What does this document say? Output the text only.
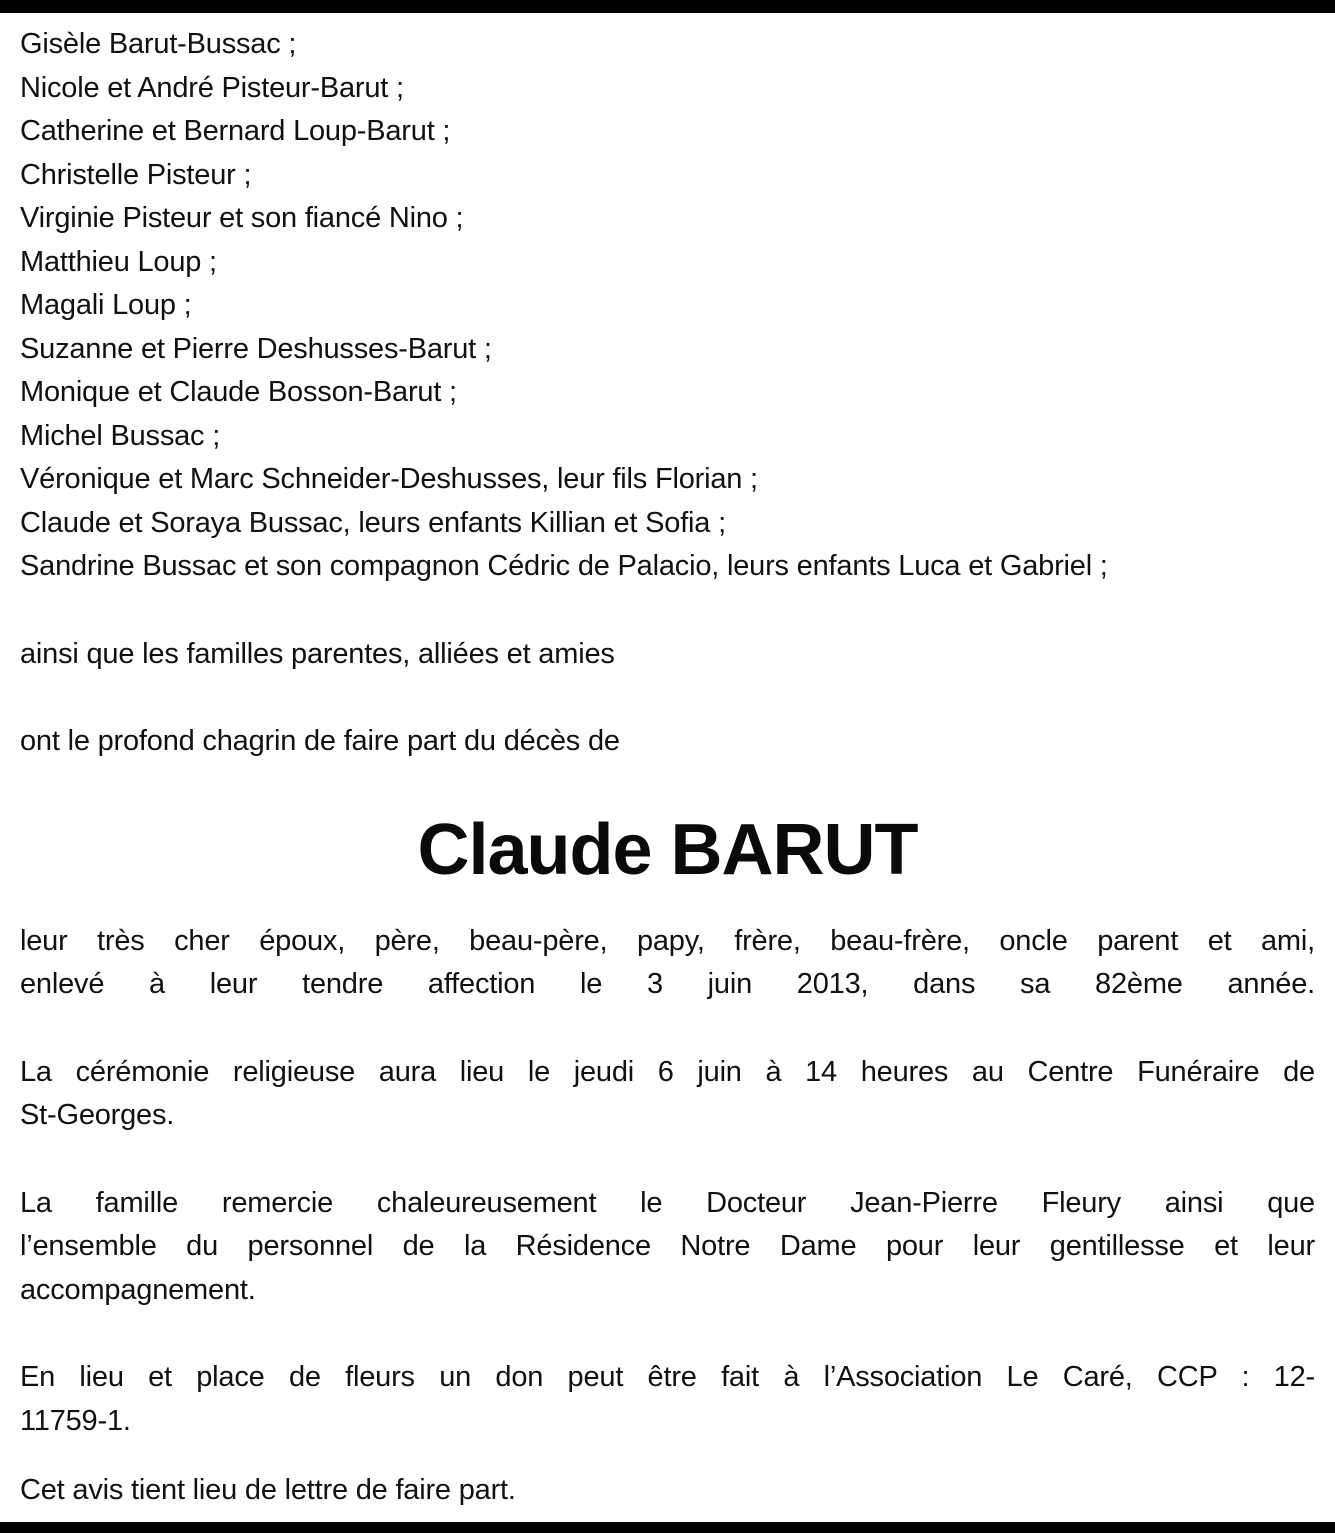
Gisèle Barut-Bussac ;
Nicole et André Pisteur-Barut ;
Catherine et Bernard Loup-Barut ;
Christelle Pisteur ;
Virginie Pisteur et son fiancé Nino ;
Matthieu Loup ;
Magali Loup ;
Suzanne et Pierre Deshusses-Barut ;
Monique et Claude Bosson-Barut ;
Michel Bussac ;
Véronique et Marc Schneider-Deshusses, leur fils Florian ;
Claude et Soraya Bussac, leurs enfants Killian et Sofia ;
Sandrine Bussac et son compagnon Cédric de Palacio, leurs enfants Luca et Gabriel ;

ainsi que les familles parentes, alliées et amies

ont le profond chagrin de faire part du décès de

Claude BARUT

leur très cher époux, père, beau-père, papy, frère, beau-frère, oncle parent et ami,
enlevé à leur tendre affection le 3 juin 2013, dans sa 82ème année.

La cérémonie religieuse aura lieu le jeudi 6 juin à 14 heures au Centre Funéraire de
St-Georges.

La famille remercie chaleureusement le Docteur Jean-Pierre Fleury ainsi que
l’ensemble du personnel de la Résidence Notre Dame pour leur gentillesse et leur
accompagnement.

En lieu et place de fleurs un don peut être fait à l’Association Le Caré, CCP : 12-
11759-1.

Cet avis tient lieu de lettre de faire part.
